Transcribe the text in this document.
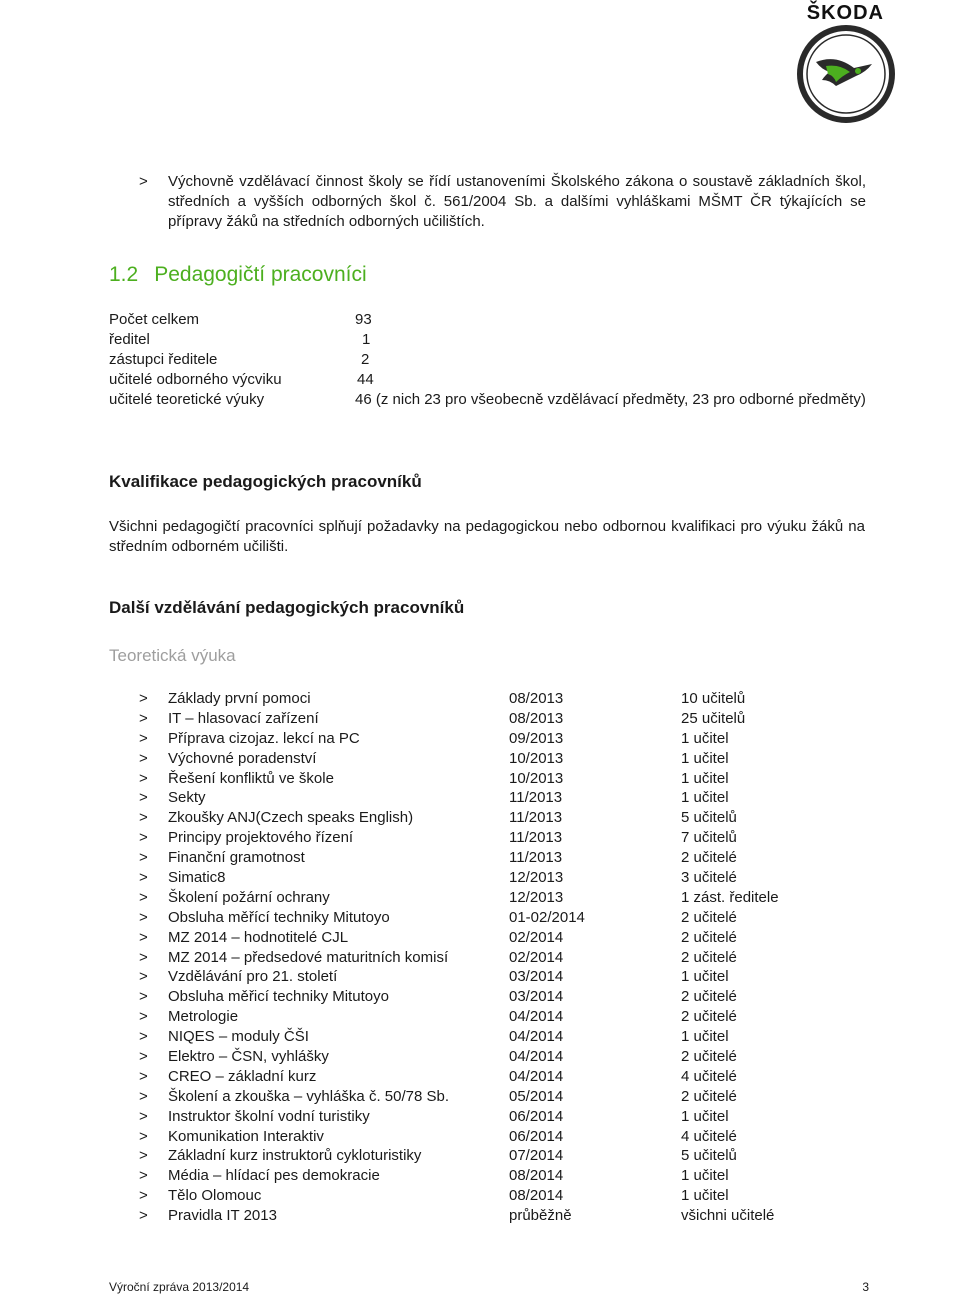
ŠKODA
> Výchovně vzdělávací činnost školy se řídí ustanoveními Školského zákona o soustavě základních škol, středních a vyšších odborných škol č. 561/2004 Sb. a dalšími vyhláškami MŠMT ČR týkajících se přípravy žáků na středních odborných učilištích.
1.2 Pedagogičtí pracovníci
Počet celkem	93
ředitel	1
zástupci ředitele	2
učitelé odborného výcviku	44
učitelé teoretické výuky	46 (z nich 23 pro všeobecně vzdělávací předměty, 23 pro odborné předměty)
Kvalifikace pedagogických pracovníků
Všichni pedagogičtí pracovníci splňují požadavky na pedagogickou nebo odbornou kvalifikaci pro výuku žáků na středním odborném učilišti.
Další vzdělávání pedagogických pracovníků
Teoretická výuka
> Základy první pomoci	08/2013	10 učitelů
> IT – hlasovací zařízení	08/2013	25 učitelů
> Příprava cizojaz. lekcí na PC	09/2013	1 učitel
> Výchovné poradenství	10/2013	1 učitel
> Řešení konfliktů ve škole	10/2013	1 učitel
> Sekty	11/2013	1 učitel
> Zkoušky ANJ(Czech speaks English)	11/2013	5 učitelů
> Principy projektového řízení	11/2013	7 učitelů
> Finanční gramotnost	11/2013	2 učitelé
> Simatic8	12/2013	3 učitelé
> Školení požární ochrany	12/2013	1 zást. ředitele
> Obsluha měřící techniky Mitutoyo	01-02/2014	2 učitelé
> MZ 2014 – hodnotitelé CJL	02/2014	2 učitelé
> MZ 2014 – předsedové maturitních komisí	02/2014	2 učitelé
> Vzdělávání pro 21. století	03/2014	1 učitel
> Obsluha měřicí techniky Mitutoyo	03/2014	2 učitelé
> Metrologie	04/2014	2 učitelé
> NIQES – moduly ČŠI	04/2014	1 učitel
> Elektro – ČSN, vyhlášky	04/2014	2 učitelé
> CREO – základní kurz	04/2014	4 učitelé
> Školení a zkouška – vyhláška č. 50/78 Sb.	05/2014	2 učitelé
> Instruktor školní vodní turistiky	06/2014	1 učitel
> Komunikation Interaktiv	06/2014	4 učitelé
> Základní kurz instruktorů cykloturistiky	07/2014	5 učitelů
> Média – hlídací pes demokracie	08/2014	1 učitel
> Tělo Olomouc	08/2014	1 učitel
> Pravidla IT 2013	průběžně	všichni učitelé
Výroční zpráva 2013/2014	3
